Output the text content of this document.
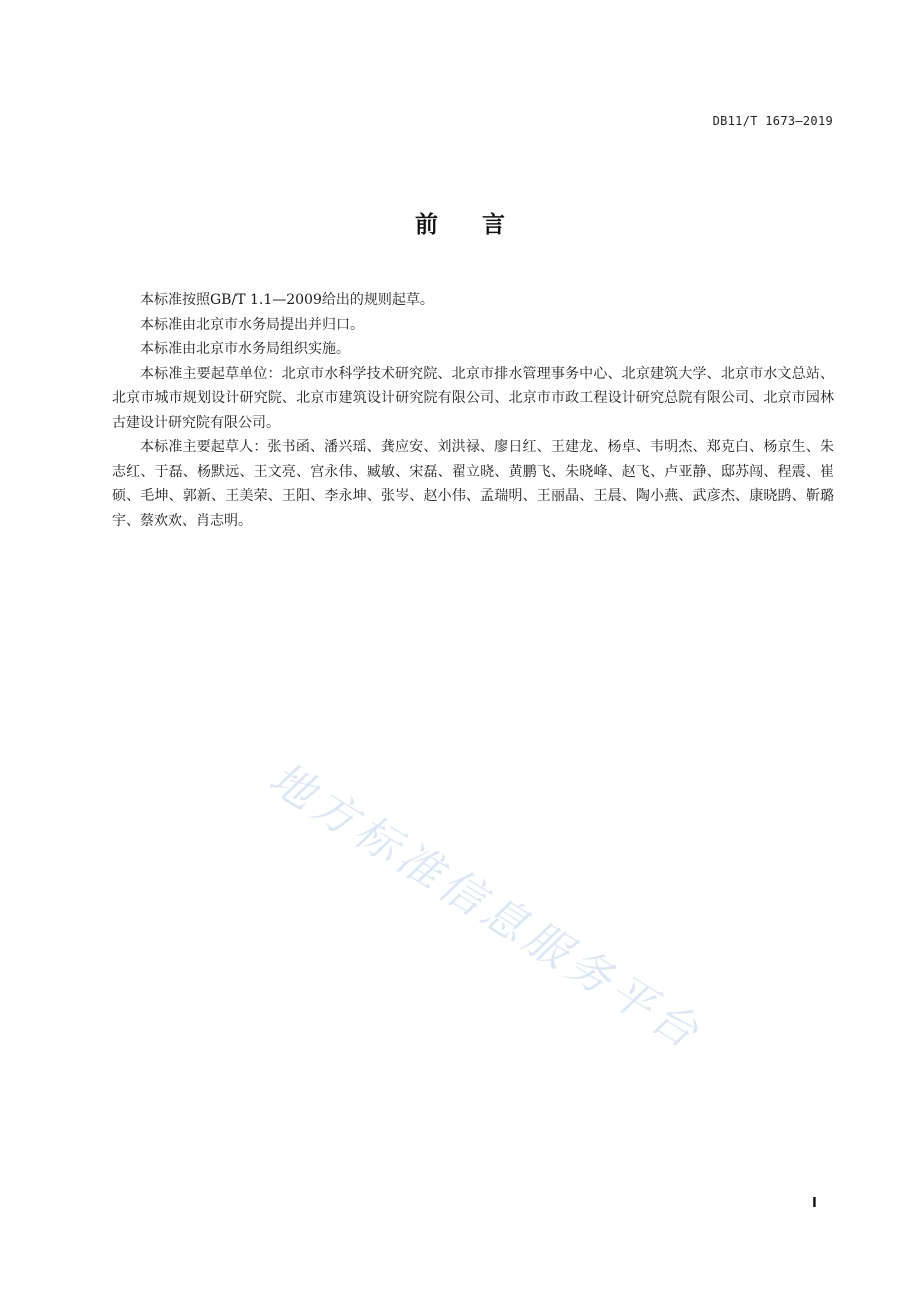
DB11/T 1673—2019
前 言

本标准按照GB/T 1.1—2009给出的规则起草。

本标准由北京市水务局提出并归口。

本标准由北京市水务局组织实施。

本标准主要起草单位：北京市水科学技术研究院、北京市排水管理事务中心、北京建筑大学、北京市水文总站、北京市城市规划设计研究院、北京市建筑设计研究院有限公司、北京市市政工程设计研究总院有限公司、北京市园林古建设计研究院有限公司。

本标准主要起草人：张书函、潘兴瑶、龚应安、刘洪禄、廖日红、王建龙、杨卓、韦明杰、郑克白、杨京生、朱志红、于磊、杨默远、王文亮、宫永伟、臧敏、宋磊、翟立晓、黄鹏飞、朱晓峰、赵飞、卢亚静、邸苏闯、程震、崔硕、毛坤、郭新、王美荣、王阳、李永坤、张岑、赵小伟、孟瑞明、王丽晶、王晨、陶小燕、武彦杰、康晓鹍、靳璐宇、蔡欢欢、肖志明。

地方标准信息服务平台
I
